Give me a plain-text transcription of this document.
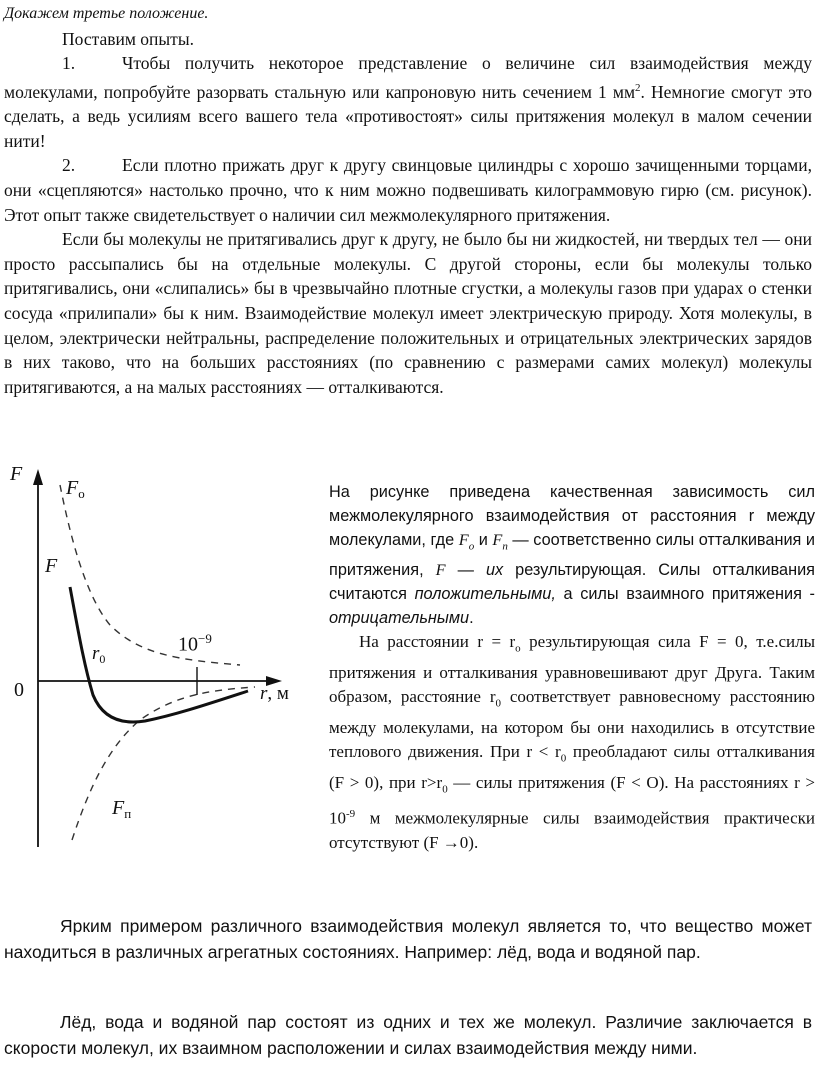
Докажем третье положение.

Поставим опыты.

1.	Чтобы получить некоторое представление о величине сил взаимодействия между молекулами, попробуйте разорвать стальную или капроновую нить сечением 1 $мм^2$. Немногие смогут это сделать, а ведь усилиям всего вашего тела «противостоят» силы притяжения молекул в малом сечении нити!

2.	Если плотно прижать друг к другу свинцовые цилиндры с хорошо зачищенными торцами, они «сцепляются» настолько прочно, что к ним можно подвешивать килограммовую гирю (см. рисунок). Этот опыт также свидетельствует о наличии сил межмолекулярного притяжения.

Если бы молекулы не притягивались друг к другу, не было бы ни жидкостей, ни твердых тел — они просто рассыпались бы на отдельные молекулы. С другой стороны, если бы молекулы только притягивались, они «слипались» бы в чрезвычайно плотные сгустки, а молекулы газов при ударах о стенки сосуда «прилипали» бы к ним. Взаимодействие молекул имеет электрическую природу. Хотя молекулы, в целом, электрически нейтральны, распределение положительных и отрицательных электрических зарядов в них таково, что на больших расстояниях (по сравнению с размерами самих молекул) молекулы притягиваются, а на малых расстояниях — отталкиваются.

F
$F_o$
F
$r_0$
$10^{-9}$
0	r, м
$F_п$

На рисунке приведена качественная зависимость сил межмолекулярного взаимодействия от расстояния r между молекулами, где $F_o$ и $F_n$ — соответственно силы отталкивания и притяжения, F — их результирующая. Силы отталкивания считаются положительными, а силы взаимного притяжения - отрицательными.

На расстоянии $r = r_o$ результирующая сила F = 0, т.е.силы притяжения и отталкивания уравновешивают друг Друга. Таким образом, расстояние $r_0$ соответствует равновесному расстоянию между молекулами, на котором бы они находились в отсутствие теплового движения. При $r < r_0$ преобладают силы отталкивания (F > 0), при $r>r_0$ — силы притяжения (F < O). На расстояниях $r > 10^{-9}$ м межмолекулярные силы взаимодействия практически отсутствуют (F →0).

Ярким примером различного взаимодействия молекул является то, что вещество может находиться в различных агрегатных состояниях. Например: лёд, вода и водяной пар.

Лёд, вода и водяной пар состоят из одних и тех же молекул. Различие заключается в скорости молекул, их взаимном расположении и силах взаимодействия между ними.
